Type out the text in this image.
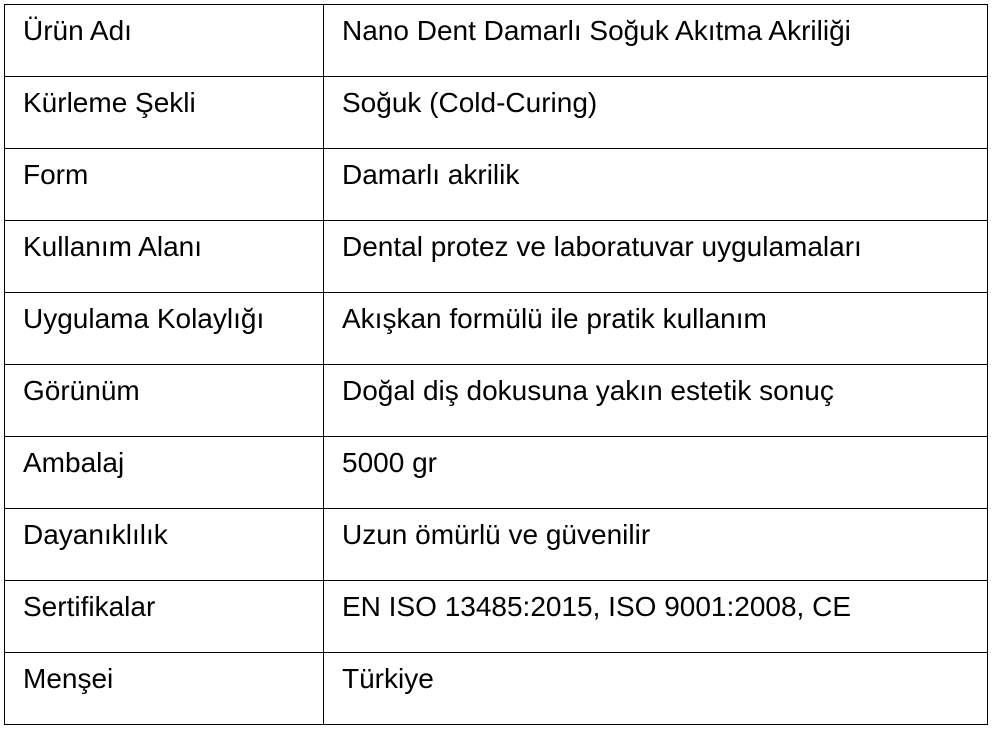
Ürün Adı	Nano Dent Damarlı Soğuk Akıtma Akriliği
Kürleme Şekli	Soğuk (Cold-Curing)
Form	Damarlı akrilik
Kullanım Alanı	Dental protez ve laboratuvar uygulamaları
Uygulama Kolaylığı	Akışkan formülü ile pratik kullanım
Görünüm	Doğal diş dokusuna yakın estetik sonuç
Ambalaj	5000 gr
Dayanıklılık	Uzun ömürlü ve güvenilir
Sertifikalar	EN ISO 13485:2015, ISO 9001:2008, CE
Menşei	Türkiye
